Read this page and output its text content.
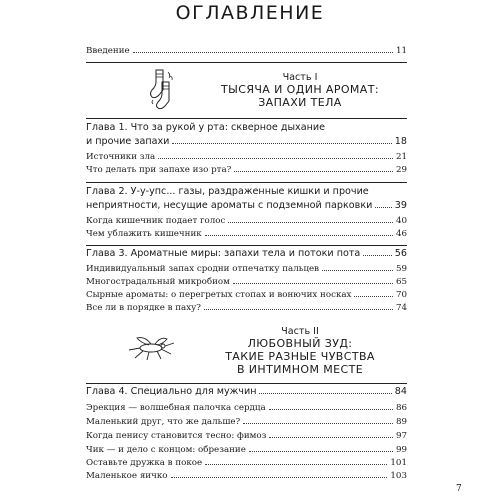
ОГЛАВЛЕНИЕ
Введение	11
Часть I
ТЫСЯЧА И ОДИН АРОМАТ:
ЗАПАХИ ТЕЛА
Глава 1. Что за рукой у рта: скверное дыхание
и прочие запахи	18
Источники зла	21
Что делать при запахе изо рта?	29
Глава 2. У-у-упс... газы, раздраженные кишки и прочие
неприятности, несущие ароматы с подземной парковки 39
Когда кишечник подает голос	40
Чем ублажить кишечник	46
Глава 3. Ароматные миры: запахи тела и потоки пота	56
Индивидуальный запах сродни отпечатку пальцев	59
Многострадальный микробиом	65
Сырные ароматы: о перегретых стопах и вонючих носках	70
Все ли в порядке в паху?	74
Часть II
ЛЮБОВНЫЙ ЗУД:
ТАКИЕ РАЗНЫЕ ЧУВСТВА
В ИНТИМНОМ МЕСТЕ
Глава 4. Специально для мужчин	84
Эрекция — волшебная палочка сердца	86
Маленький друг, что же дальше?	89
Когда пенису становится тесно: фимоз	97
Чик — и дело с концом: обрезание	99
Оставьте дружка в покое	101
Маленькое яичко	103
7
